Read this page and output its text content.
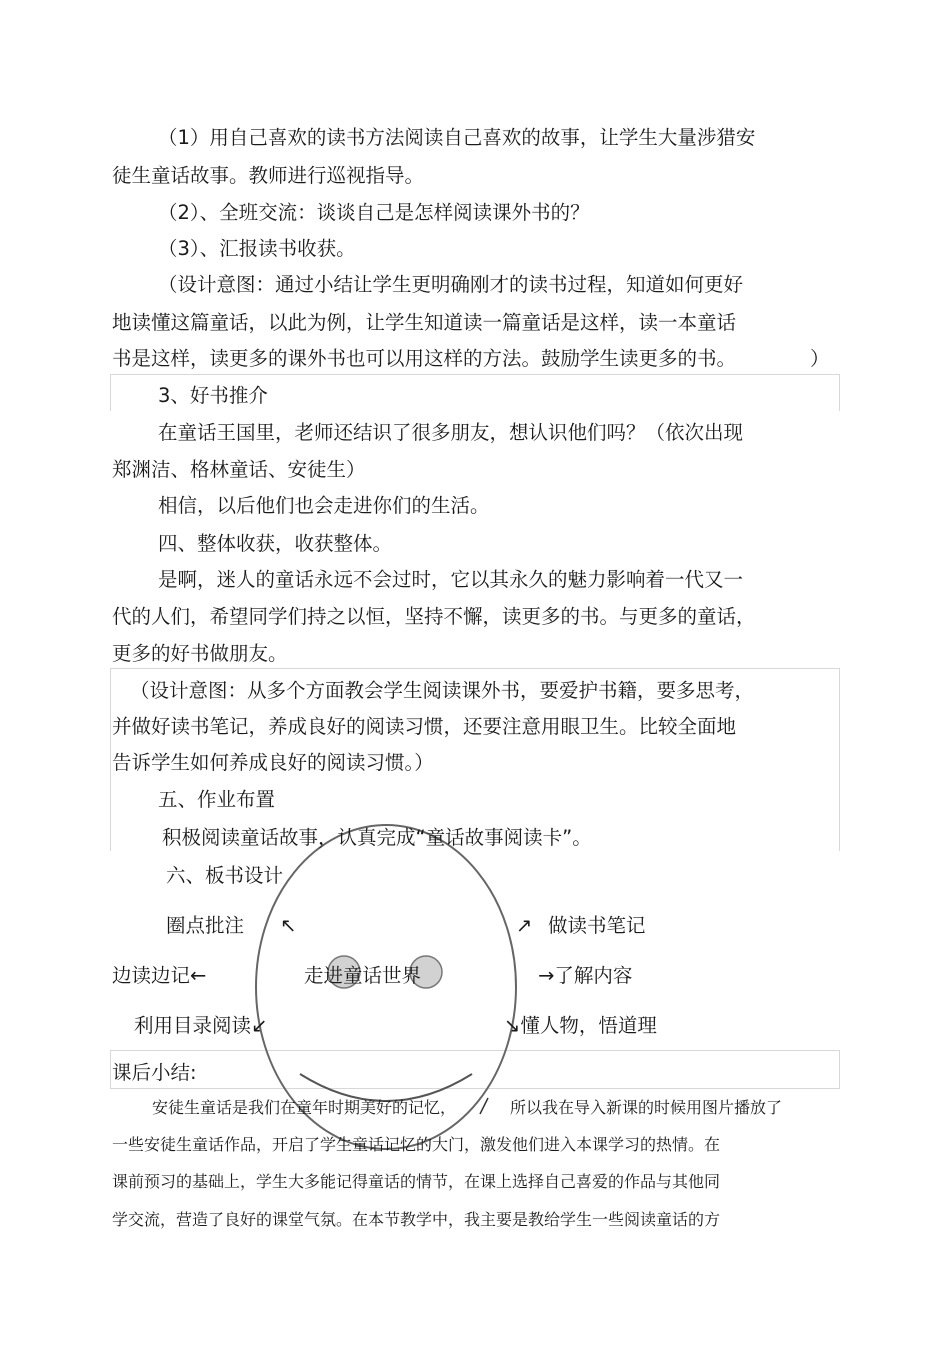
（1）用自己喜欢的读书方法阅读自己喜欢的故事，让学生大量涉猎安
徒生童话故事。教师进行巡视指导。
（2）、全班交流：谈谈自己是怎样阅读课外书的？
（3）、汇报读书收获。
（设计意图：通过小结让学生更明确刚才的读书过程，知道如何更好
地读懂这篇童话，以此为例，让学生知道读一篇童话是这样，读一本童话
书是这样，读更多的课外书也可以用这样的方法。鼓励学生读更多的书。	）
3、好书推介
在童话王国里，老师还结识了很多朋友，想认识他们吗？（依次出现
郑渊洁、格林童话、安徒生）
相信，以后他们也会走进你们的生活。
四、整体收获，收获整体。
是啊，迷人的童话永远不会过时，它以其永久的魅力影响着一代又一
代的人们，希望同学们持之以恒，坚持不懈，读更多的书。与更多的童话，
更多的好书做朋友。
（设计意图：从多个方面教会学生阅读课外书，要爱护书籍，要多思考，
并做好读书笔记，养成良好的阅读习惯，还要注意用眼卫生。比较全面地
告诉学生如何养成良好的阅读习惯。）
五、作业布置
积极阅读童话故事，认真完成“童话故事阅读卡”。
六、板书设计
圈点批注 ↖	↗ 做读书笔记
边读边记←	走进童话世界	→了解内容
利用目录阅读↙	↘懂人物，悟道理
课后小结:
安徒生童话是我们在童年时期美好的记忆，	所以我在导入新课的时候用图片播放了
一些安徒生童话作品，开启了学生童话记忆的大门，激发他们进入本课学习的热情。在
课前预习的基础上，学生大多能记得童话的情节，在课上选择自己喜爱的作品与其他同
学交流，营造了良好的课堂气氛。在本节教学中，我主要是教给学生一些阅读童话的方
